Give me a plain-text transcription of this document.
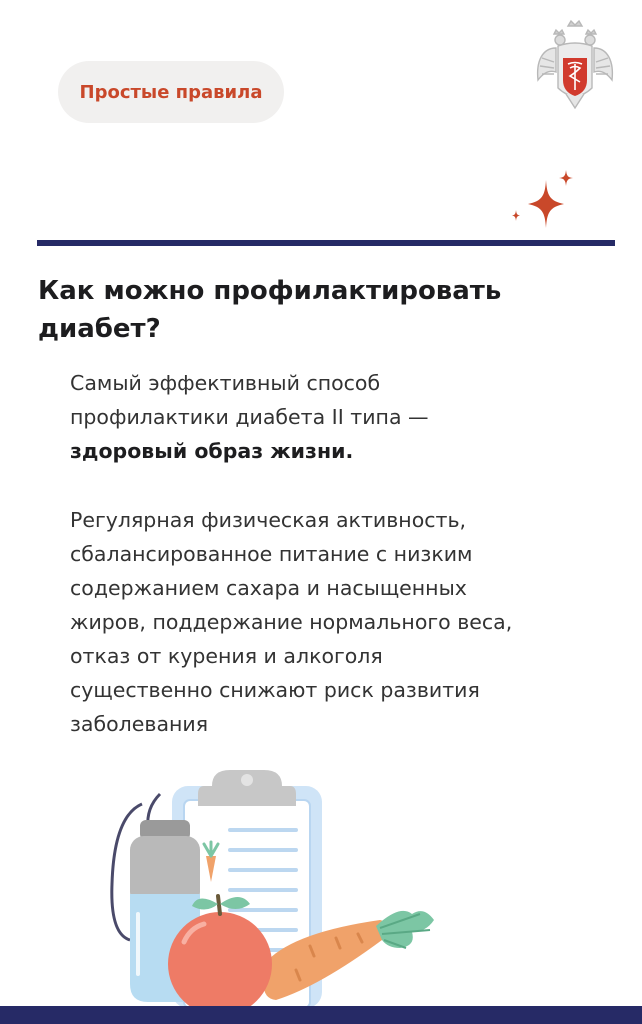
Простые правила
Как можно профилактировать
диабет?
Самый эффективный способ
профилактики диабета II типа —
здоровый образ жизни.
Регулярная физическая активность,
сбалансированное питание с низким
содержанием сахара и насыщенных
жиров, поддержание нормального веса,
отказ от курения и алкоголя
существенно снижают риск развития
заболевания
